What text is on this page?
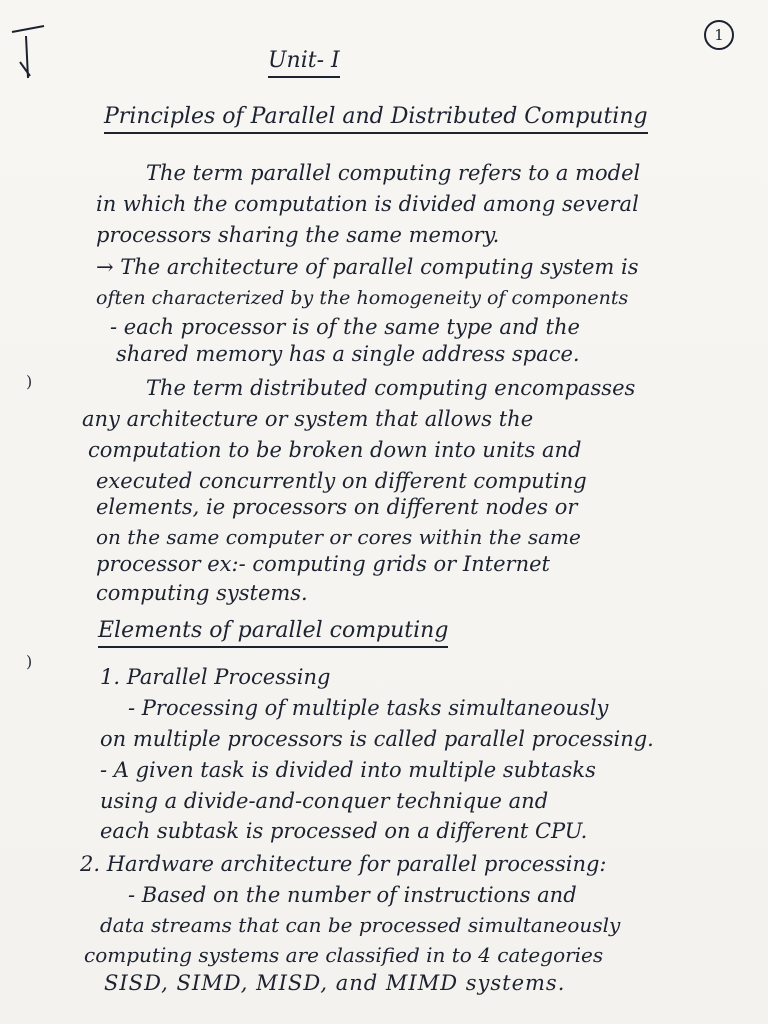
1
)
)
Unit- I
Principles of Parallel and Distributed Computing
The term parallel computing refers to a model
in which the computation is divided among several
processors sharing the same memory.
→ The architecture of parallel computing system is
often characterized by the homogeneity of components
- each processor is of the same type and the
shared memory has a single address space.
The term distributed computing encompasses
any architecture or system that allows the
computation to be broken down into units and
executed concurrently on different computing
elements, ie processors on different nodes or
on the same computer or cores within the same
processor ex:- computing grids or Internet
computing systems.
Elements of parallel computing
1. Parallel Processing
- Processing of multiple tasks simultaneously
on multiple processors is called parallel processing.
- A given task is divided into multiple subtasks
using a divide-and-conquer technique and
each subtask is processed on a different CPU.
2. Hardware architecture for parallel processing:
- Based on the number of instructions and
data streams that can be processed simultaneously
computing systems are classified in to 4 categories
SISD, SIMD, MISD, and MIMD systems.
